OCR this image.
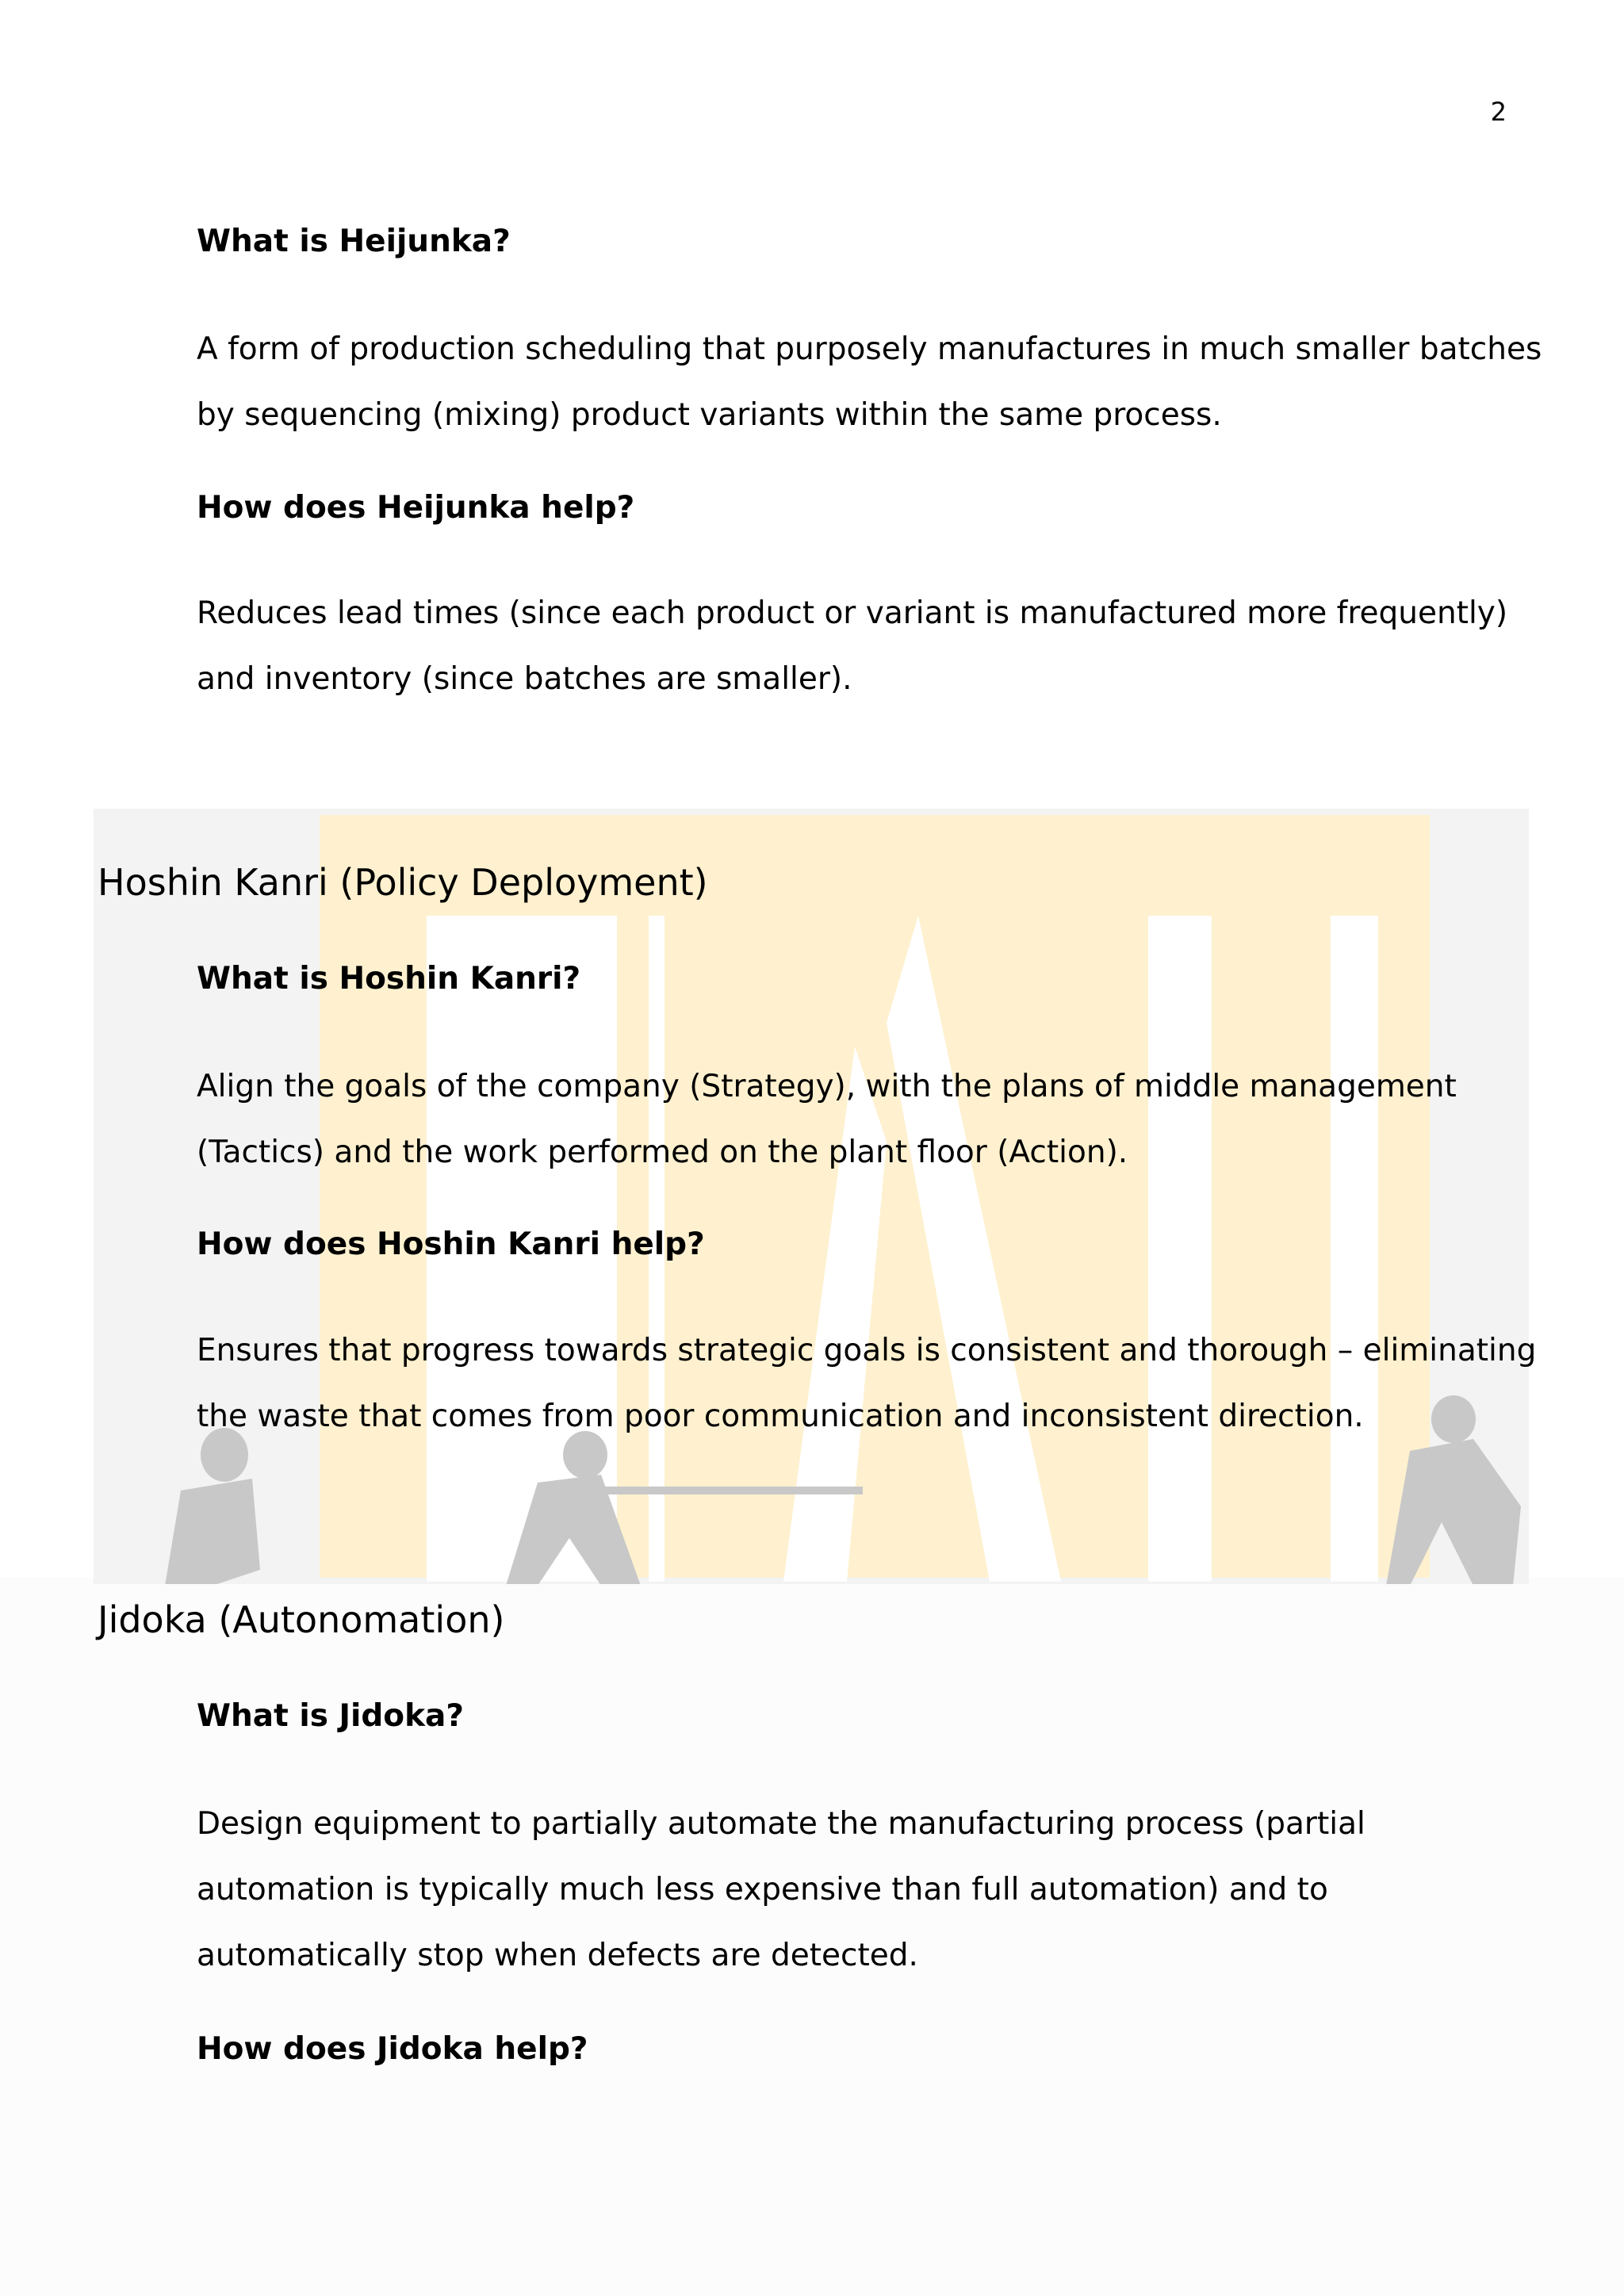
2
What is Heijunka?

A form of production scheduling that purposely manufactures in much smaller batches by sequencing (mixing) product variants within the same process.

How does Heijunka help?

Reduces lead times (since each product or variant is manufactured more frequently) and inventory (since batches are smaller).

Hoshin Kanri (Policy Deployment)
What is Hoshin Kanri?

Align the goals of the company (Strategy), with the plans of middle management (Tactics) and the work performed on the plant floor (Action).

How does Hoshin Kanri help?

Ensures that progress towards strategic goals is consistent and thorough – eliminating the waste that comes from poor communication and inconsistent direction.

Jidoka (Autonomation)
What is Jidoka?

Design equipment to partially automate the manufacturing process (partial automation is typically much less expensive than full automation) and to automatically stop when defects are detected.

How does Jidoka help?
